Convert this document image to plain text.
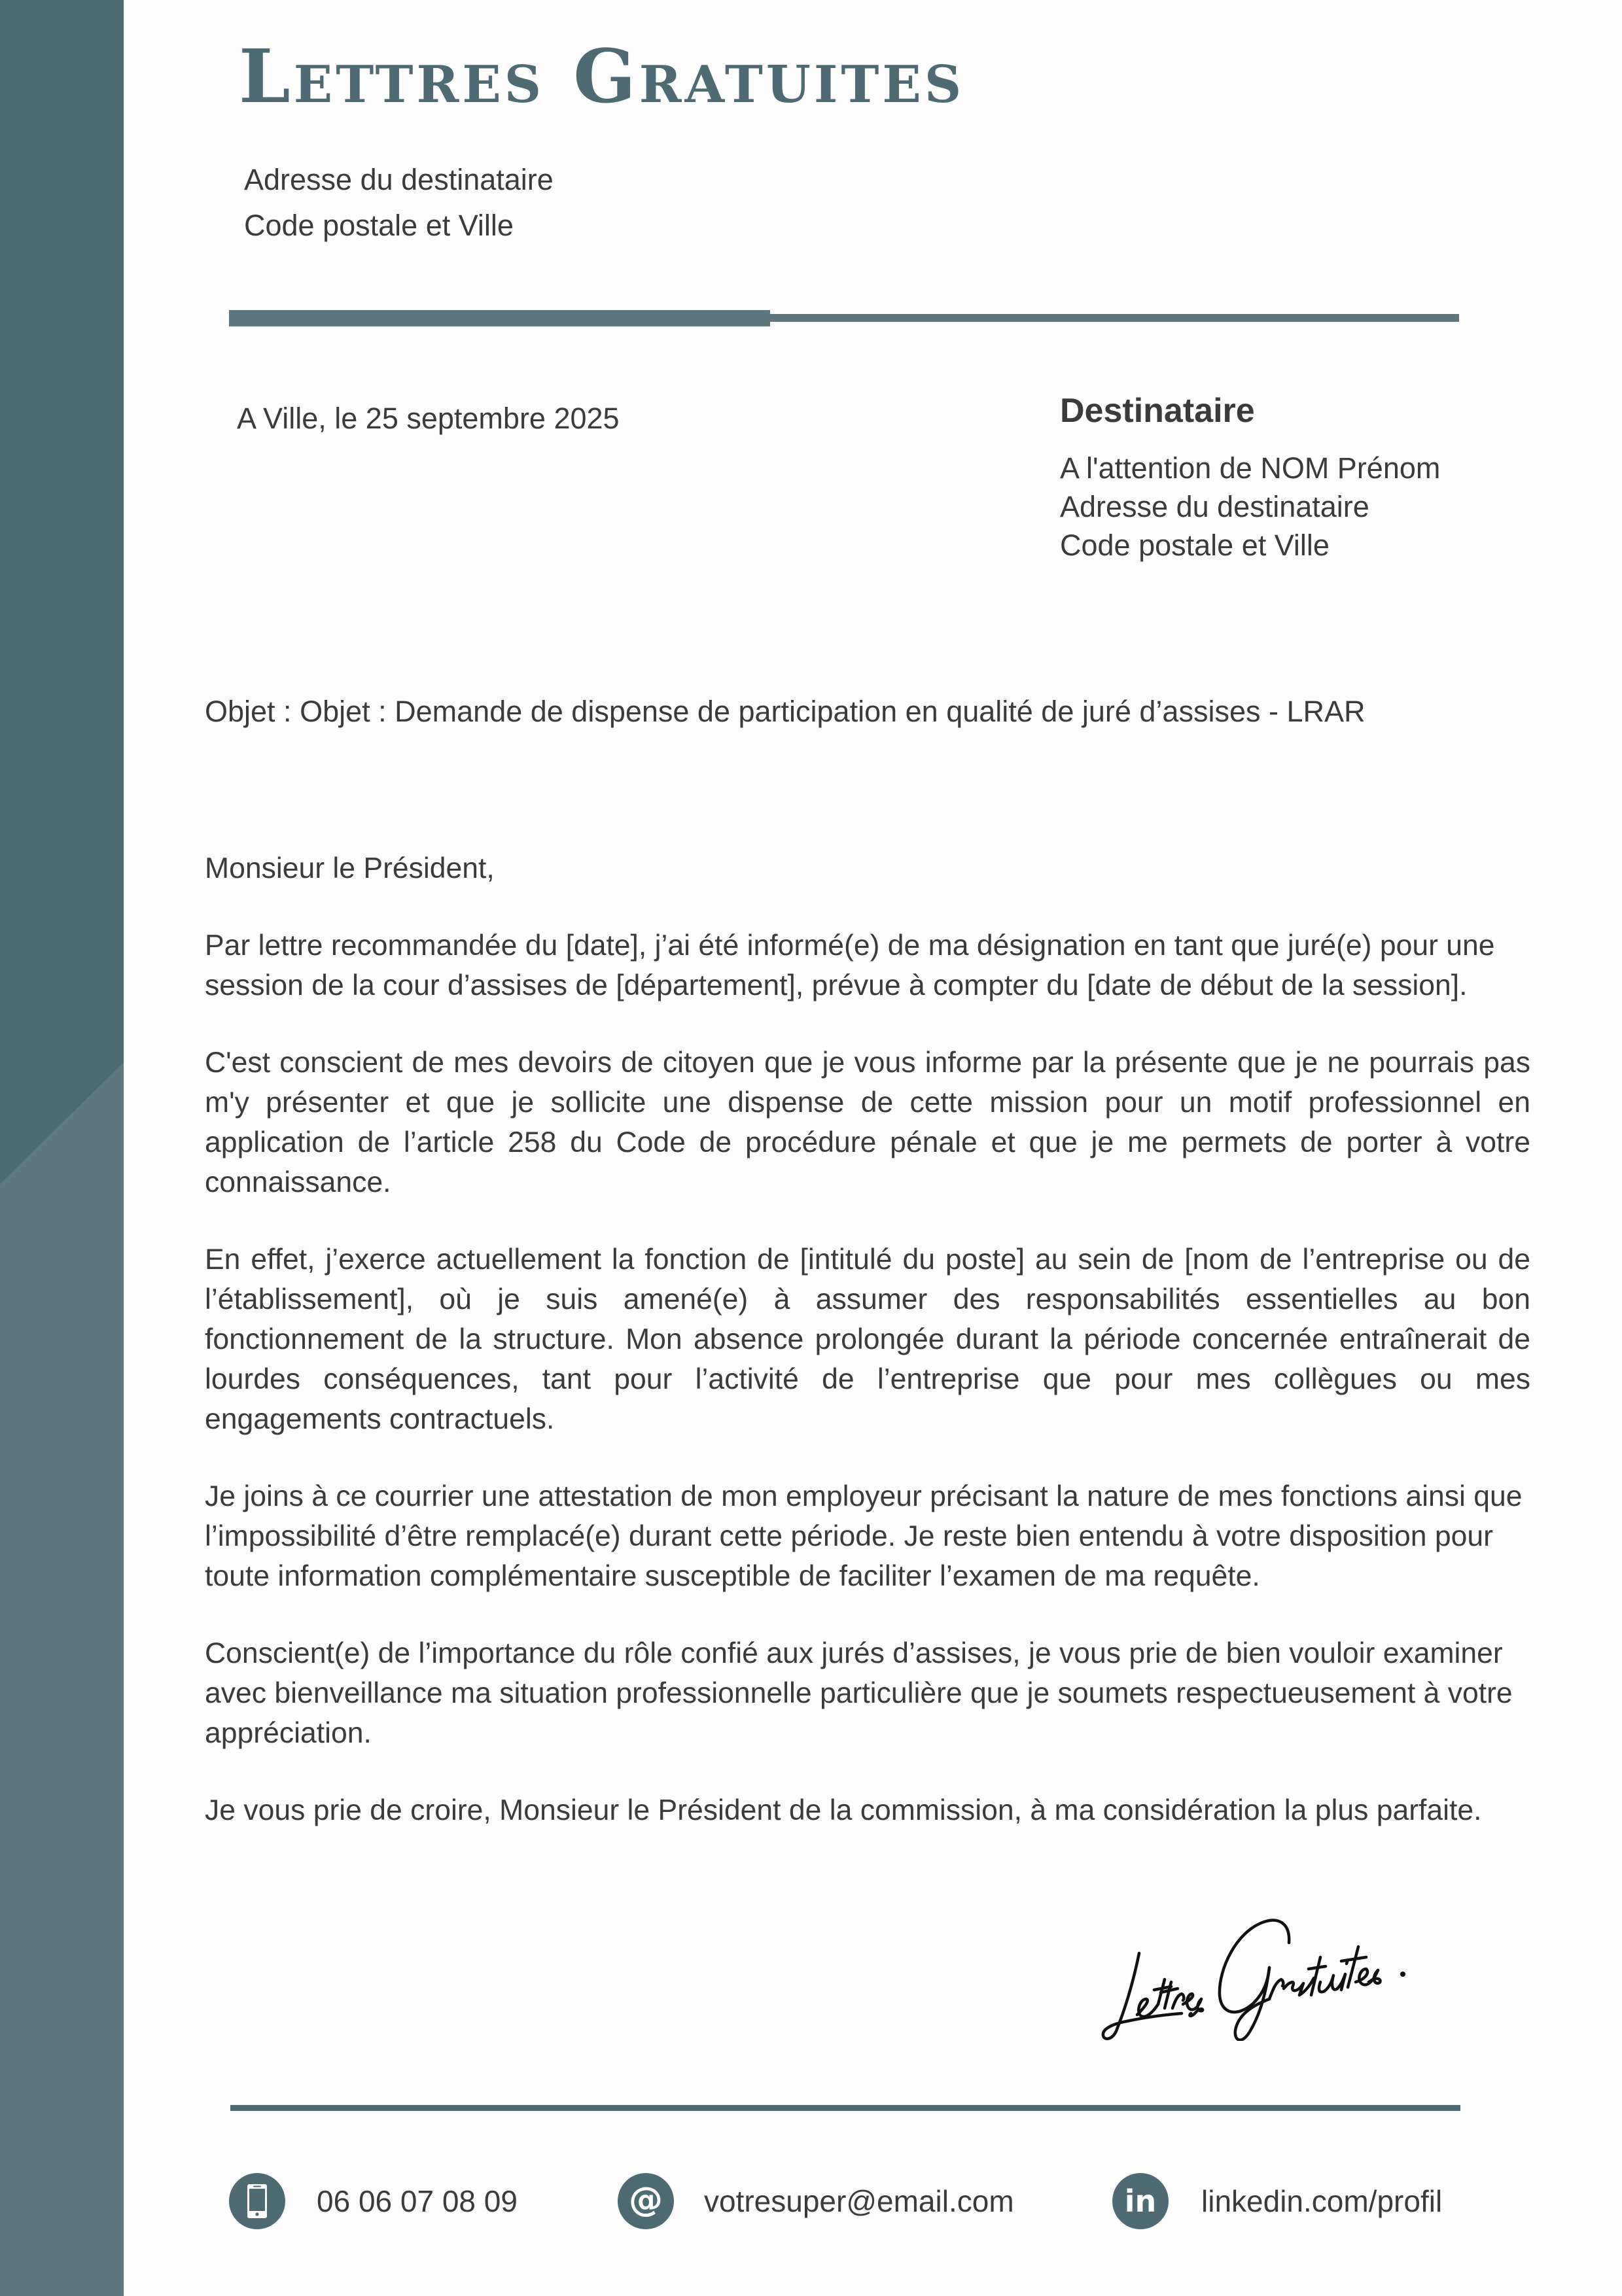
Lettres Gratuites
Adresse du destinataire
Code postale et Ville
A Ville, le 25 septembre 2025	Destinataire
A l'attention de NOM Prénom
Adresse du destinataire
Code postale et Ville
Objet : Objet : Demande de dispense de participation en qualité de juré d’assises - LRAR

Monsieur le Président,

Par lettre recommandée du [date], j’ai été informé(e) de ma désignation en tant que juré(e) pour une session de la cour d’assises de [département], prévue à compter du [date de début de la session].

C'est conscient de mes devoirs de citoyen que je vous informe par la présente que je ne pourrais pas m'y présenter et que je sollicite une dispense de cette mission pour un motif professionnel en application de l’article 258 du Code de procédure pénale et que je me permets de porter à votre connaissance.

En effet, j’exerce actuellement la fonction de [intitulé du poste] au sein de [nom de l’entreprise ou de l’établissement], où je suis amené(e) à assumer des responsabilités essentielles au bon fonctionnement de la structure. Mon absence prolongée durant la période concernée entraînerait de lourdes conséquences, tant pour l’activité de l’entreprise que pour mes collègues ou mes engagements contractuels.

Je joins à ce courrier une attestation de mon employeur précisant la nature de mes fonctions ainsi que l’impossibilité d’être remplacé(e) durant cette période. Je reste bien entendu à votre disposition pour toute information complémentaire susceptible de faciliter l’examen de ma requête.

Conscient(e) de l’importance du rôle confié aux jurés d’assises, je vous prie de bien vouloir examiner avec bienveillance ma situation professionnelle particulière que je soumets respectueusement à votre appréciation.

Je vous prie de croire, Monsieur le Président de la commission, à ma considération la plus parfaite.

06 06 07 08 09	@ votresuper@email.com	in linkedin.com/profil
